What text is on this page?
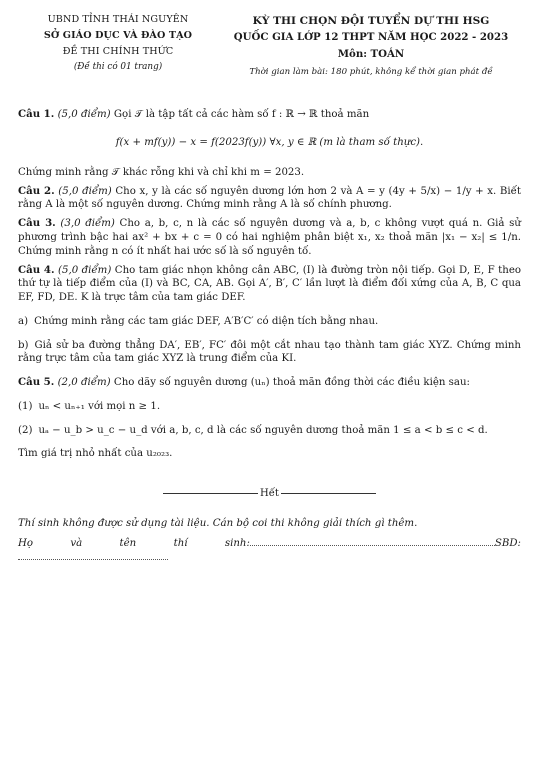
UBND TỈNH THÁI NGUYÊN
SỞ GIÁO DỤC VÀ ĐÀO TẠO
ĐỀ THI CHÍNH THỨC
(Đề thi có 01 trang)
KỲ THI CHỌN ĐỘI TUYỂN DỰ THI HSG
QUỐC GIA LỚP 12 THPT NĂM HỌC 2022 - 2023
Môn: TOÁN
Thời gian làm bài: 180 phút, không kể thời gian phát đề

Câu 1. (5,0 điểm) Gọi 𝒯 là tập tất cả các hàm số f : ℝ → ℝ thoả mãn

f(x + mf(y)) − x = f(2023f(y)) ∀x, y ∈ ℝ (m là tham số thực).

Chứng minh rằng 𝒯 khác rỗng khi và chỉ khi m = 2023.

Câu 2. (5,0 điểm) Cho x, y là các số nguyên dương lớn hơn 2 và A = y (4y + 5/x) − 1/y + x. Biết rằng A là một số nguyên dương. Chứng minh rằng A là số chính phương.

Câu 3. (3,0 điểm) Cho a, b, c, n là các số nguyên dương và a, b, c không vượt quá n. Giả sử phương trình bậc hai ax² + bx + c = 0 có hai nghiệm phân biệt x₁, x₂ thoả mãn |x₁ − x₂| ≤ 1/n. Chứng minh rằng n có ít nhất hai ước số là số nguyên tố.

Câu 4. (5,0 điểm) Cho tam giác nhọn không cân ABC, (I) là đường tròn nội tiếp. Gọi D, E, F theo thứ tự là tiếp điểm của (I) và BC, CA, AB. Gọi A′, B′, C′ lần lượt là điểm đối xứng của A, B, C qua EF, FD, DE. K là trực tâm của tam giác DEF.

a) Chứng minh rằng các tam giác DEF, A′B′C′ có diện tích bằng nhau.

b) Giả sử ba đường thẳng DA′, EB′, FC′ đôi một cắt nhau tạo thành tam giác XYZ. Chứng minh rằng trực tâm của tam giác XYZ là trung điểm của KI.

Câu 5. (2,0 điểm) Cho dãy số nguyên dương (uₙ) thoả mãn đồng thời các điều kiện sau:

(1) uₙ < uₙ₊₁ với mọi n ≥ 1.

(2) uₐ − u_b > u_c − u_d với a, b, c, d là các số nguyên dương thoả mãn 1 ≤ a < b ≤ c < d.

Tìm giá trị nhỏ nhất của u₂₀₂₃.

Hết

Thí sinh không được sử dụng tài liệu. Cán bộ coi thi không giải thích gì thêm.

Họ và tên thí sinh:	SBD:
